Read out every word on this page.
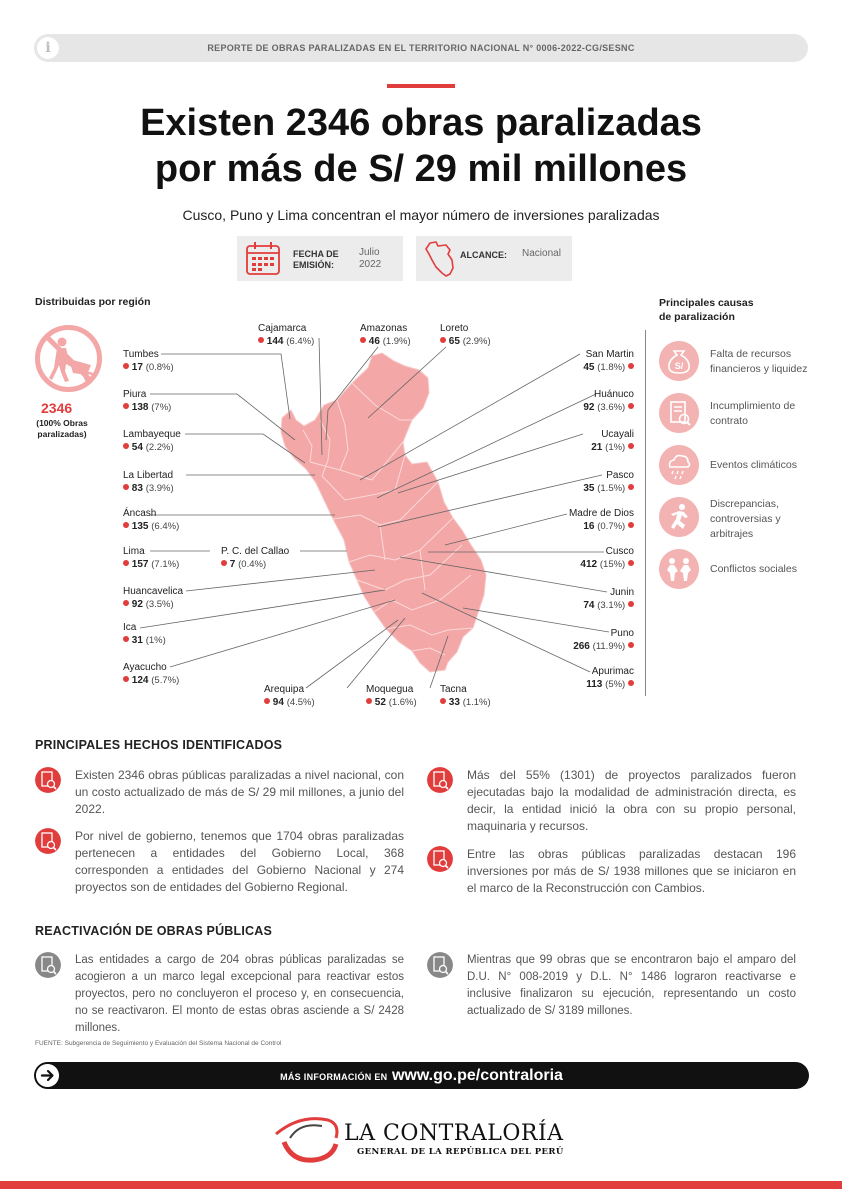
i	REPORTE DE OBRAS PARALIZADAS EN EL TERRITORIO NACIONAL N° 0006-2022-CG/SESNC
Existen 2346 obras paralizadas
por más de S/ 29 mil millones
Cusco, Puno y Lima concentran el mayor número de inversiones paralizadas
FECHA DE
EMISIÓN:
Julio
2022
ALCANCE: Nacional
Distribuidas por región	Principales causas
de paralización
2346
(100% Obras
paralizadas)
Tumbes
17 (0.8%)
Piura
138 (7%)
Lambayeque
54 (2.2%)
La Libertad
83 (3.9%)
Áncash
135 (6.4%)
Lima
157 (7.1%)
P. C. del Callao
7 (0.4%)
Huancavelica
92 (3.5%)
Ica
31 (1%)
Ayacucho
124 (5.7%)
Cajamarca
144 (6.4%)
Amazonas
46 (1.9%)
Loreto
65 (2.9%)
Arequipa
94 (4.5%)
Moquegua
52 (1.6%)
Tacna
33 (1.1%)
San Martin
45 (1.8%)
Huánuco
92 (3.6%)
Ucayali
21 (1%)
Pasco
35 (1.5%)
Madre de Dios
16 (0.7%)
Cusco
412 (15%)
Junin
74 (3.1%)
Puno
266 (11.9%)
Apurimac
113 (5%)
S/
Falta de recursos
financieros y liquidez
Incumplimiento de
contrato
Eventos climáticos
Discrepancias,
controversias y
arbitrajes
Conflictos sociales
PRINCIPALES HECHOS IDENTIFICADOS
Existen 2346 obras públicas paralizadas a nivel nacional, con un costo actualizado de más de S/ 29 mil millones, a junio del 2022.
Por nivel de gobierno, tenemos que 1704 obras paralizadas pertenecen a entidades del Gobierno Local, 368 corresponden a entidades del Gobierno Nacional y 274 proyectos son de entidades del Gobierno Regional.
Más del 55% (1301) de proyectos paralizados fueron ejecutadas bajo la modalidad de administración directa, es decir, la entidad inició la obra con su propio personal, maquinaria y recursos.
Entre las obras públicas paralizadas destacan 196 inversiones por más de S/ 1938 millones que se iniciaron en el marco de la Reconstrucción con Cambios.
REACTIVACIÓN DE OBRAS PÚBLICAS
Las entidades a cargo de 204 obras públicas paralizadas se acogieron a un marco legal excepcional para reactivar estos proyectos, pero no concluyeron el proceso y, en consecuencia, no se reactivaron. El monto de estas obras asciende a S/ 2428 millones.
Mientras que 99 obras que se encontraron bajo el amparo del D.U. N° 008-2019 y D.L. N° 1486 lograron reactivarse e inclusive finalizaron su ejecución, representando un costo actualizado de S/ 3189 millones.
FUENTE: Subgerencia de Seguimiento y Evaluación del Sistema Nacional de Control
MÁS INFORMACIÓN EN www.go.pe/contraloria
LA CONTRALORÍA
GENERAL DE LA REPÚBLICA DEL PERÚ
